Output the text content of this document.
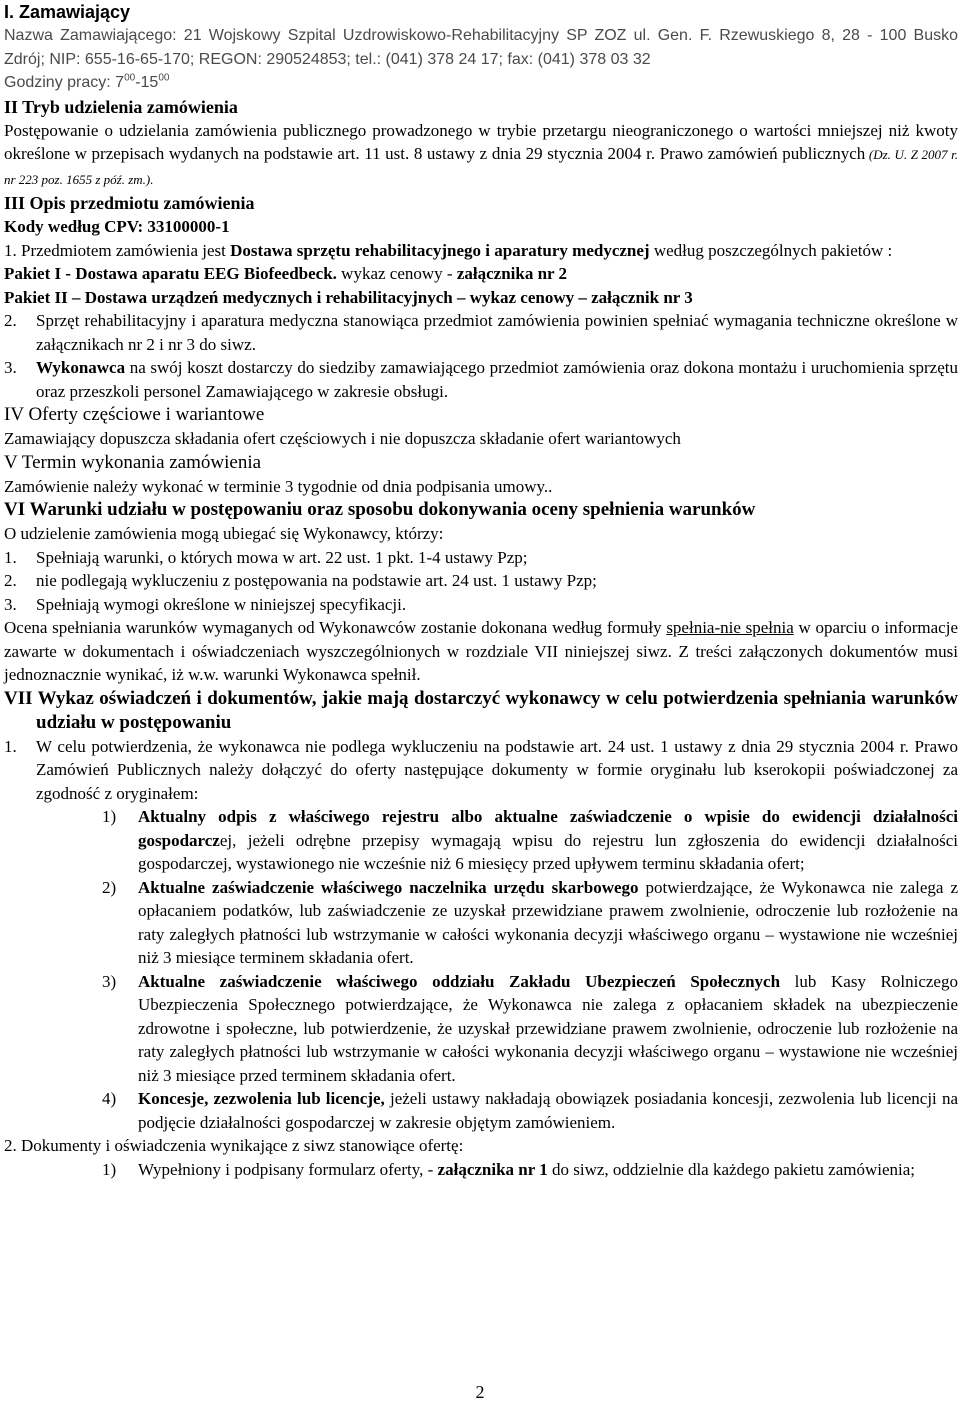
I. Zamawiający

Nazwa Zamawiającego: 21 Wojskowy Szpital Uzdrowiskowo-Rehabilitacyjny SP ZOZ ul. Gen. F. Rzewuskiego 8, 28 - 100 Busko Zdrój; NIP: 655-16-65-170; REGON: 290524853; tel.: (041) 378 24 17; fax: (041) 378 03 32

Godziny pracy: $7^{00}-15^{00}$

II Tryb udzielenia zamówienia

Postępowanie o udzielania zamówienia publicznego prowadzonego w trybie przetargu nieograniczonego o wartości mniejszej niż kwoty określone w przepisach wydanych na podstawie art. 11 ust. 8 ustawy z dnia 29 stycznia 2004 r. Prawo zamówień publicznych (Dz. U. Z 2007 r. nr 223 poz. 1655 z póź. zm.).

III Opis przedmiotu zamówienia

Kody według CPV: 33100000-1

1. Przedmiotem zamówienia jest Dostawa sprzętu rehabilitacyjnego i aparatury medycznej według poszczególnych pakietów :

Pakiet I - Dostawa aparatu EEG Biofeedbeck. wykaz cenowy - załącznika nr 2

Pakiet II – Dostawa urządzeń medycznych i rehabilitacyjnych – wykaz cenowy – załącznik nr 3

2.	Sprzęt rehabilitacyjny i aparatura medyczna stanowiąca przedmiot zamówienia powinien spełniać wymagania techniczne określone w załącznikach nr 2 i nr 3 do siwz.
3.	Wykonawca na swój koszt dostarczy do siedziby zamawiającego przedmiot zamówienia oraz dokona montażu i uruchomienia sprzętu oraz przeszkoli personel Zamawiającego w zakresie obsługi.

IV Oferty częściowe i wariantowe

Zamawiający dopuszcza składania ofert częściowych i nie dopuszcza składanie ofert wariantowych

V Termin wykonania zamówienia

Zamówienie należy wykonać w terminie 3 tygodnie od dnia podpisania umowy..

VI Warunki udziału w postępowaniu oraz sposobu dokonywania oceny spełnienia warunków

O udzielenie zamówienia mogą ubiegać się Wykonawcy, którzy:

1.	Spełniają warunki, o których mowa w art. 22 ust. 1 pkt. 1-4 ustawy Pzp;
2.	nie podlegają wykluczeniu z postępowania na podstawie art. 24 ust. 1 ustawy Pzp;
3.	Spełniają wymogi określone w niniejszej specyfikacji.

Ocena spełniania warunków wymaganych od Wykonawców zostanie dokonana według formuły spełnia-nie spełnia w oparciu o informacje zawarte w dokumentach i oświadczeniach wyszczególnionych w rozdziale VII niniejszej siwz. Z treści załączonych dokumentów musi jednoznacznie wynikać, iż w.w. warunki Wykonawca spełnił.

VII Wykaz oświadczeń i dokumentów, jakie mają dostarczyć wykonawcy w celu potwierdzenia spełniania warunków udziału w postępowaniu

1.	W celu potwierdzenia, że wykonawca nie podlega wykluczeniu na podstawie art. 24 ust. 1 ustawy z dnia 29 stycznia 2004 r. Prawo Zamówień Publicznych należy dołączyć do oferty następujące dokumenty w formie oryginału lub kserokopii poświadczonej za zgodność z oryginałem:
1)	Aktualny odpis z właściwego rejestru albo aktualne zaświadczenie o wpisie do ewidencji działalności gospodarczej, jeżeli odrębne przepisy wymagają wpisu do rejestru lun zgłoszenia do ewidencji działalności gospodarczej, wystawionego nie wcześnie niż 6 miesięcy przed upływem terminu składania ofert;
2)	Aktualne zaświadczenie właściwego naczelnika urzędu skarbowego potwierdzające, że Wykonawca nie zalega z opłacaniem podatków, lub zaświadczenie ze uzyskał przewidziane prawem zwolnienie, odroczenie lub rozłożenie na raty zaległych płatności lub wstrzymanie w całości wykonania decyzji właściwego organu – wystawione nie wcześniej niż 3 miesiące terminem składania ofert.
3)	Aktualne zaświadczenie właściwego oddziału Zakładu Ubezpieczeń Społecznych lub Kasy Rolniczego Ubezpieczenia Społecznego potwierdzające, że Wykonawca nie zalega z opłacaniem składek na ubezpieczenie zdrowotne i społeczne, lub potwierdzenie, że uzyskał przewidziane prawem zwolnienie, odroczenie lub rozłożenie na raty zaległych płatności lub wstrzymanie w całości wykonania decyzji właściwego organu – wystawione nie wcześniej niż 3 miesiące przed terminem składania ofert.
4)	Koncesje, zezwolenia lub licencje, jeżeli ustawy nakładają obowiązek posiadania koncesji, zezwolenia lub licencji na podjęcie działalności gospodarczej w zakresie objętym zamówieniem.

2. Dokumenty i oświadczenia wynikające z siwz stanowiące ofertę:

1)	Wypełniony i podpisany formularz oferty, - załącznika nr 1 do siwz, oddzielnie dla każdego pakietu zamówienia;
2
